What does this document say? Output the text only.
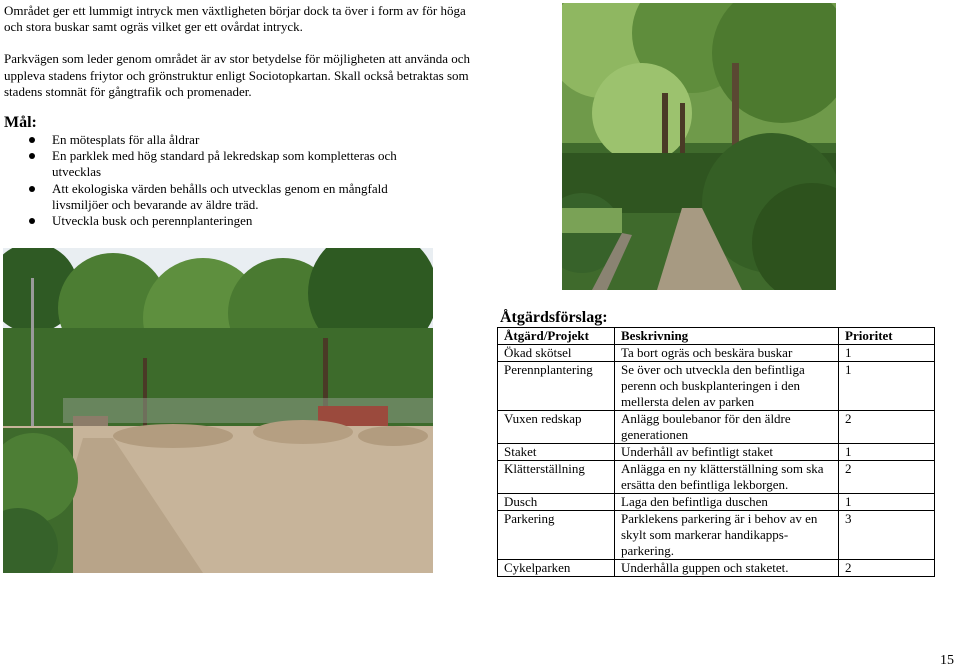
Området ger ett lummigt intryck men växtligheten börjar dock ta över i form av för höga och stora buskar samt ogräs vilket ger ett ovårdat intryck.

Parkvägen som leder genom området är av stor betydelse för möjligheten att använda och uppleva stadens friytor och grönstruktur enligt Sociotopkartan. Skall också betraktas som stadens stomnät för gångtrafik och promenader.

Mål:
En mötesplats för alla åldrar
En parklek med hög standard på lekredskap som kompletteras och utvecklas
Att ekologiska värden behålls och utvecklas genom en mångfald livsmiljöer och bevarande av äldre träd.
Utveckla busk och perennplanteringen
Åtgärdsförslag:
Åtgärd/Projekt	Beskrivning	Prioritet
Ökad skötsel	Ta bort ogräs och beskära buskar	1
Perennplantering	Se över och utveckla den befintliga perenn och buskplanteringen i den mellersta delen av parken	1
Vuxen redskap	Anlägg boulebanor för den äldre generationen	2
Staket	Underhåll av befintligt staket	1
Klätterställning	Anlägga en ny klätterställning som ska ersätta den befintliga lekborgen.	2
Dusch	Laga den befintliga duschen	1
Parkering	Parklekens parkering är i behov av en skylt som markerar handikapps-parkering.	3
Cykelparken	Underhålla guppen och staketet.	2
15
